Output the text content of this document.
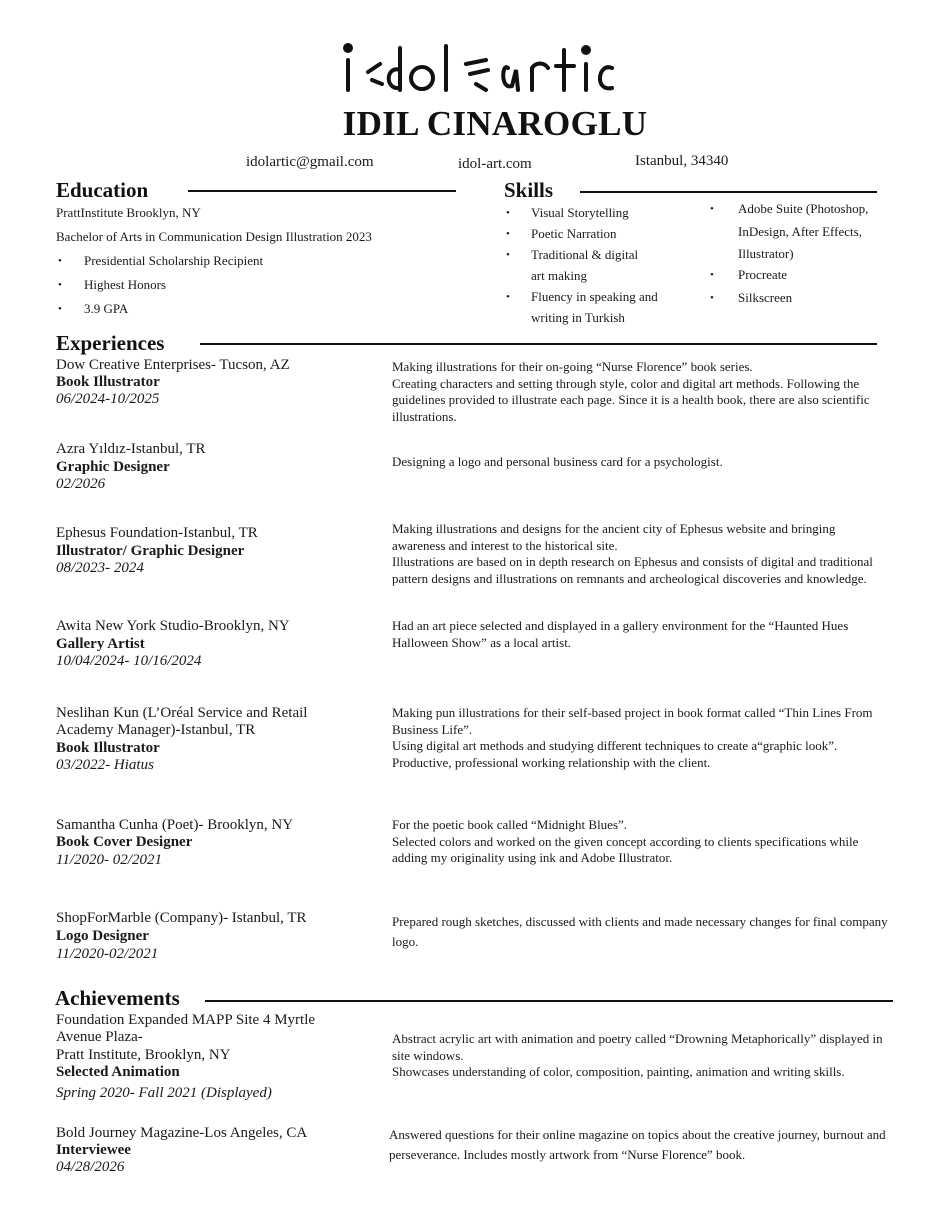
IDIL CINAROGLU
idolartic@gmail.com	idol-art.com	Istanbul, 34340
Education
PrattInstitute Brooklyn, NY
Bachelor of Arts in Communication Design Illustration 2023
• Presidential Scholarship Recipient
• Highest Honors
• 3.9 GPA
Skills
• Visual Storytelling
• Poetic Narration
• Traditional & digital
art making
• Fluency in speaking and
writing in Turkish
• Adobe Suite (Photoshop,
InDesign, After Effects,
Illustrator)
• Procreate
• Silkscreen
Experiences
Dow Creative Enterprises- Tucson, AZ
Book Illustrator
06/2024-10/2025
Making illustrations for their on-going “Nurse Florence” book series.
Creating characters and setting through style, color and digital art methods. Following the guidelines provided to illustrate each page. Since it is a health book, there are also scientific illustrations.
Azra Yıldız-Istanbul, TR
Graphic Designer
02/2026
Designing a logo and personal business card for a psychologist.
Ephesus Foundation-Istanbul, TR
Illustrator/ Graphic Designer
08/2023- 2024
Making illustrations and designs for the ancient city of Ephesus website and bringing awareness and interest to the historical site.
Illustrations are based on in depth research on Ephesus and consists of digital and traditional pattern designs and illustrations on remnants and archeological discoveries and knowledge.
Awita New York Studio-Brooklyn, NY
Gallery Artist
10/04/2024- 10/16/2024
Had an art piece selected and displayed in a gallery environment for the “Haunted Hues Halloween Show” as a local artist.
Neslihan Kun (L’Oréal Service and Retail
Academy Manager)-Istanbul, TR
Book Illustrator
03/2022- Hiatus
Making pun illustrations for their self-based project in book format called “Thin Lines From Business Life”.
Using digital art methods and studying different techniques to create a“graphic look”.
Productive, professional working relationship with the client.
Samantha Cunha (Poet)- Brooklyn, NY
Book Cover Designer
11/2020- 02/2021
For the poetic book called “Midnight Blues”.
Selected colors and worked on the given concept according to clients specifications while adding my originality using ink and Adobe Illustrator.
ShopForMarble (Company)- Istanbul, TR
Logo Designer
11/2020-02/2021
Prepared rough sketches, discussed with clients and made necessary changes for final company logo.
Achievements
Foundation Expanded MAPP Site 4 Myrtle
Avenue Plaza-
Pratt Institute, Brooklyn, NY
Selected Animation
Spring 2020- Fall 2021 (Displayed)
Abstract acrylic art with animation and poetry called “Drowning Metaphorically” displayed in site windows.
Showcases understanding of color, composition, painting, animation and writing skills.
Bold Journey Magazine-Los Angeles, CA
Interviewee
04/28/2026
Answered questions for their online magazine on topics about the creative journey, burnout and perseverance. Includes mostly artwork from “Nurse Florence” book.
